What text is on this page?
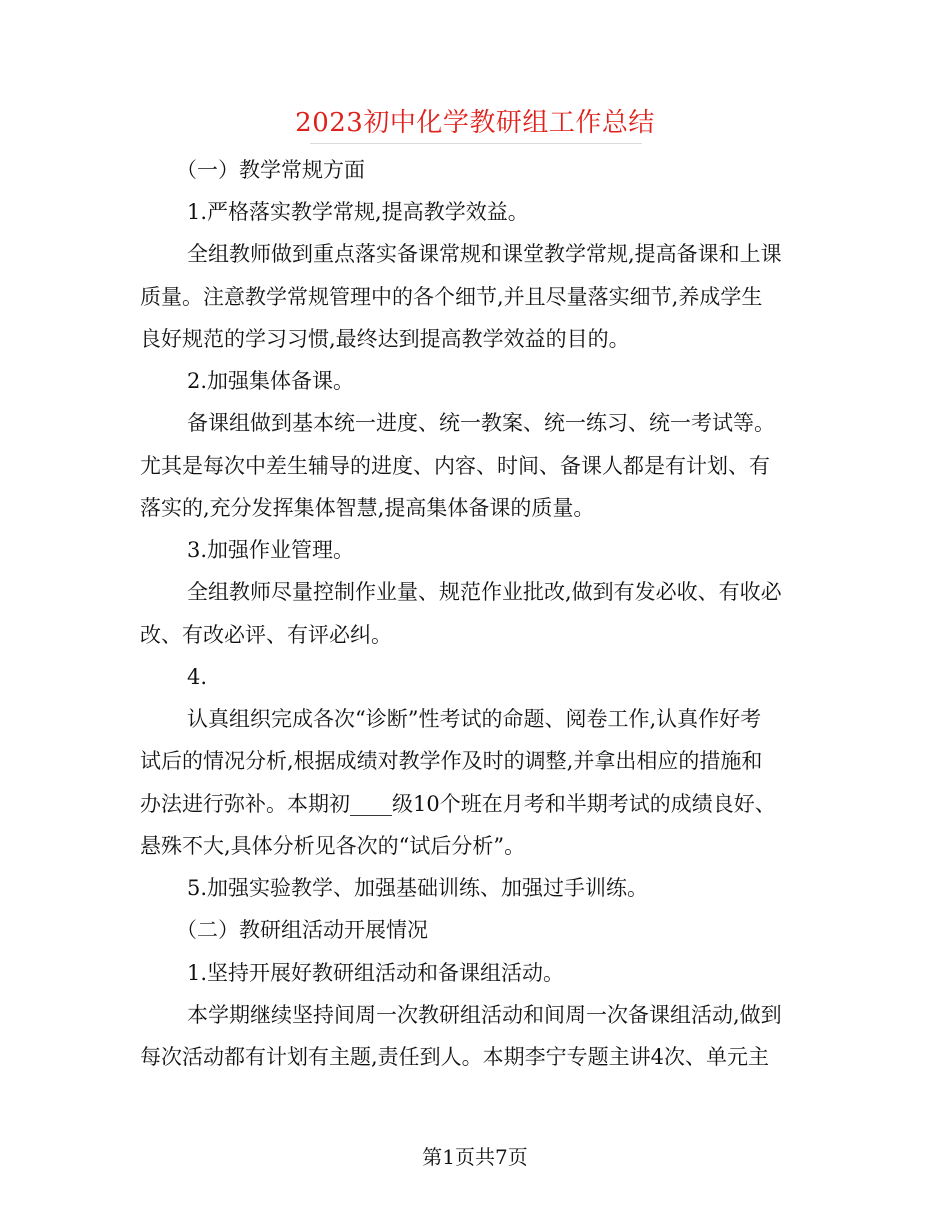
2023初中化学教研组工作总结
（一）教学常规方面
1.严格落实教学常规,提高教学效益。
全组教师做到重点落实备课常规和课堂教学常规,提高备课和上课
质量。注意教学常规管理中的各个细节,并且尽量落实细节,养成学生
良好规范的学习习惯,最终达到提高教学效益的目的。
2.加强集体备课。
备课组做到基本统一进度、统一教案、统一练习、统一考试等。
尤其是每次中差生辅导的进度、内容、时间、备课人都是有计划、有
落实的,充分发挥集体智慧,提高集体备课的质量。
3.加强作业管理。
全组教师尽量控制作业量、规范作业批改,做到有发必收、有收必
改、有改必评、有评必纠。
4.
认真组织完成各次“诊断”性考试的命题、阅卷工作,认真作好考
试后的情况分析,根据成绩对教学作及时的调整,并拿出相应的措施和
办法进行弥补。本期初____级10个班在月考和半期考试的成绩良好、
悬殊不大,具体分析见各次的“试后分析”。
5.加强实验教学、加强基础训练、加强过手训练。
（二）教研组活动开展情况
1.坚持开展好教研组活动和备课组活动。
本学期继续坚持间周一次教研组活动和间周一次备课组活动,做到
每次活动都有计划有主题,责任到人。本期李宁专题主讲4次、单元主
第1页共7页
